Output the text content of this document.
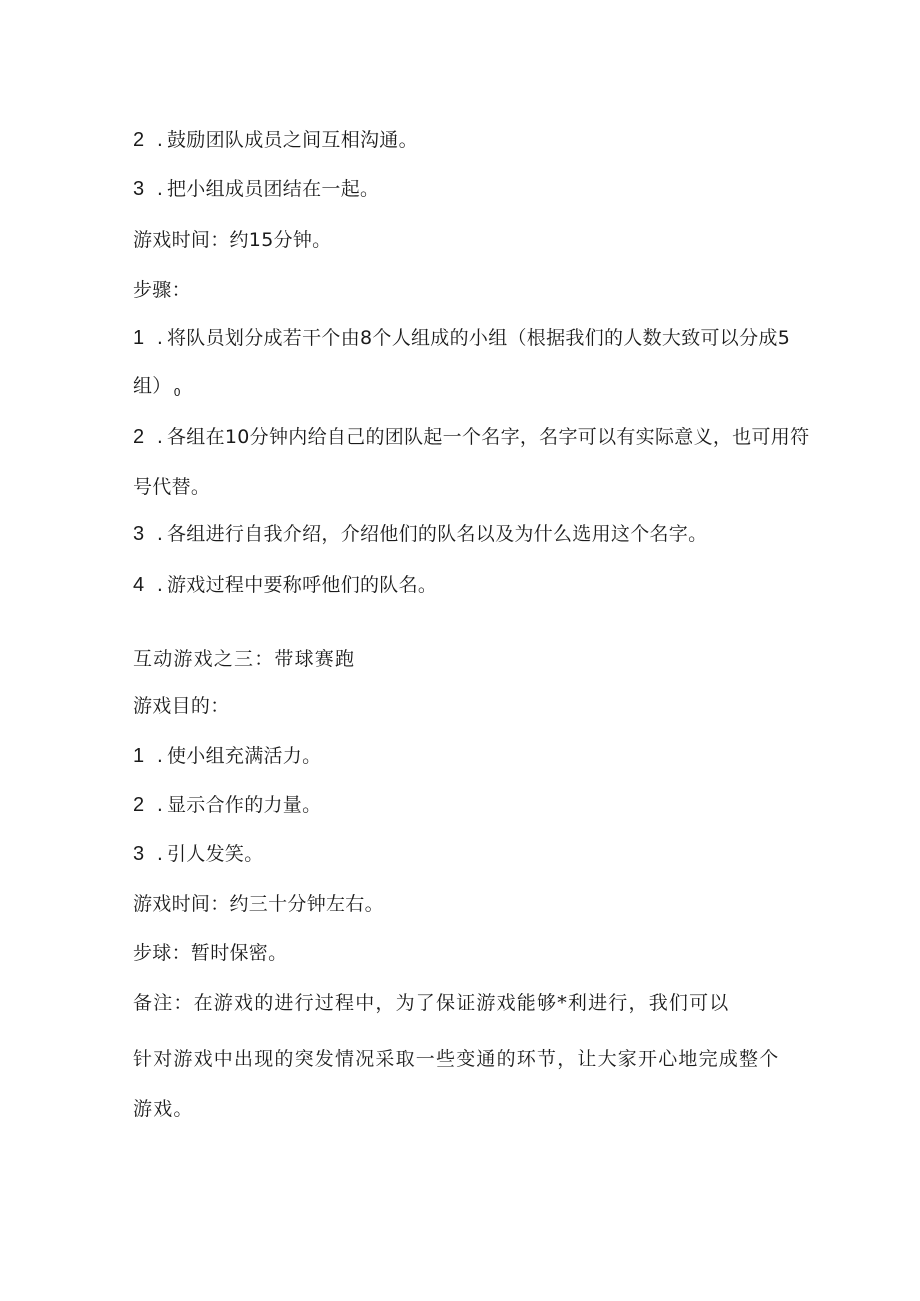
2 . 鼓励团队成员之间互相沟通。
3 . 把小组成员团结在一起。
游戏时间：约15分钟。
步骤：
1 . 将队员划分成若干个由8个人组成的小组（根据我们的人数大致可以分成5
组） $_0$
2 . 各组在10分钟内给自己的团队起一个名字，名字可以有实际意义，也可用符
号代替。
3 . 各组进行自我介绍，介绍他们的队名以及为什么选用这个名字。
4 . 游戏过程中要称呼他们的队名。
互动游戏之三：带球赛跑
游戏目的：
1 . 使小组充满活力。
2 . 显示合作的力量。
3 . 引人发笑。
游戏时间：约三十分钟左右。
步球：暂时保密。
备注：在游戏的进行过程中，为了保证游戏能够*利进行，我们可以
针对游戏中出现的突发情况采取一些变通的环节，让大家开心地完成整个
游戏。
